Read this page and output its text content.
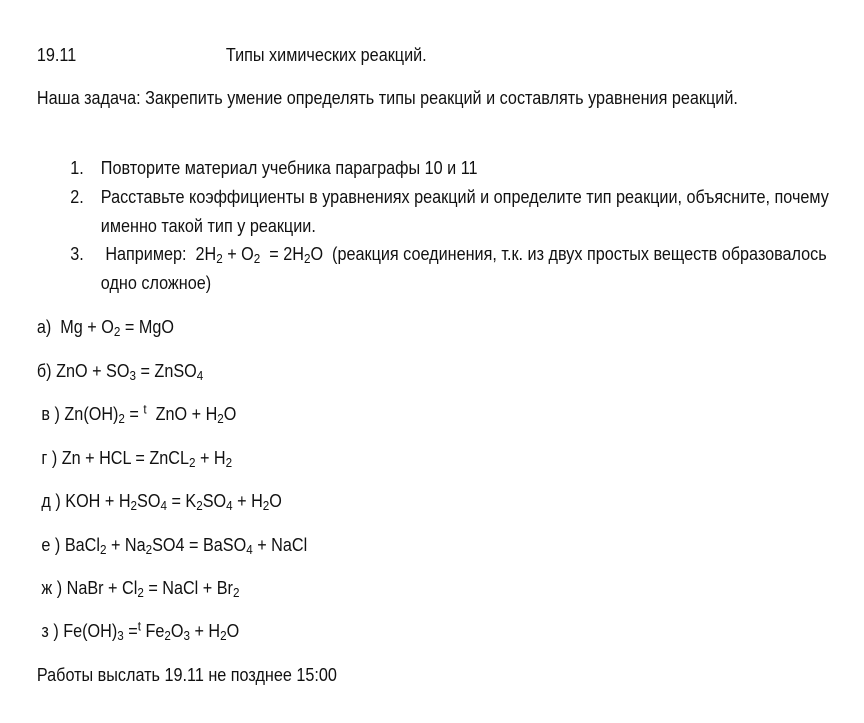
19.11	Типы химических реакций.
Наша задача: Закрепить умение определять типы реакций и составлять уравнения реакций.
1. Повторите материал учебника параграфы 10 и 11
2. Расставьте коэффициенты в уравнениях реакций и определите тип реакции, объясните, почему именно такой тип у реакции.
3. Например:  $2H_2 + O_2 = 2H_2O$  (реакция соединения, т.к. из двух простых веществ образовалось одно сложное)
а)  $Mg + O_2$ = MgO
б) ZnO + $SO_3$ = ZnSO$_4$
в ) $Zn(OH)_2 = ^t$  ZnO + $H_2O$
г ) Zn + HCL = ZnCL$_2$ + $H_2$
д ) KOH + $H_2SO_4 = K_2SO_4 + H_2O$
е ) BaCl$_2$ + $Na_2SO4$ = BaSO$_4$ + NaCl
ж ) NaBr + $Cl_2$ = NaCl + $Br_2$
з ) $Fe(OH)_3 =^t$ $Fe_2O_3 + H_2O$
Работы выслать 19.11 не позднее 15:00
